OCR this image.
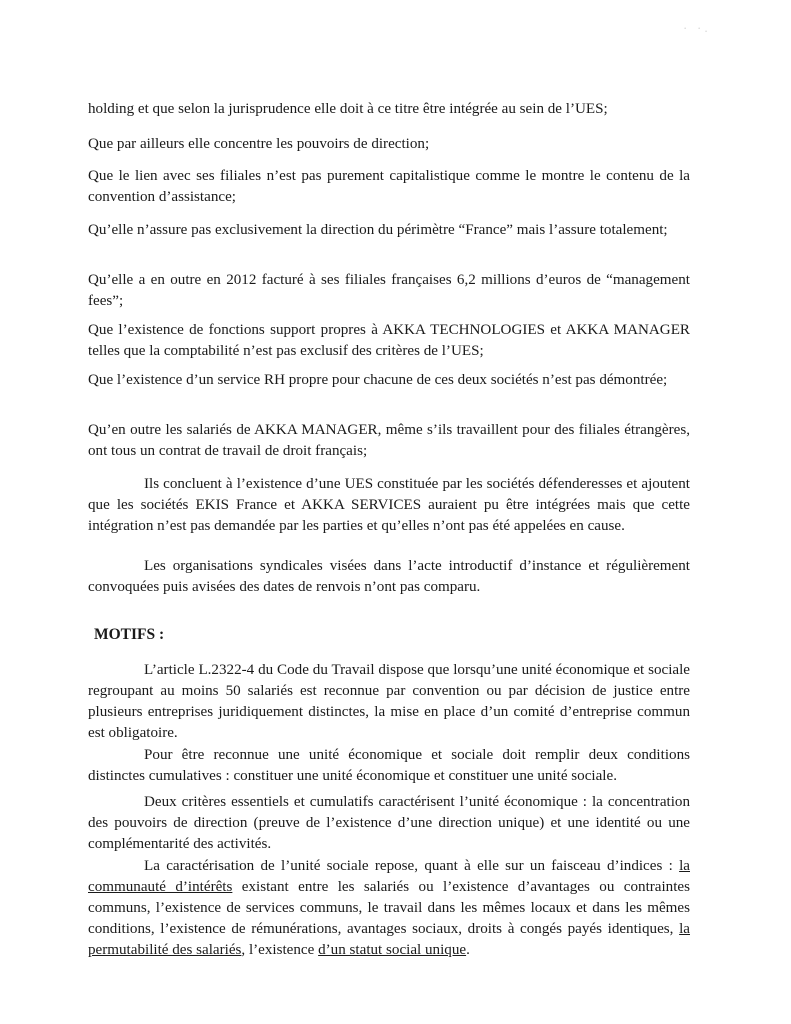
· ·.

holding et que selon la jurisprudence elle doit à ce titre être intégrée au sein de l’UES;

Que par ailleurs elle concentre les pouvoirs de direction;

Que le lien avec ses filiales n’est pas purement capitalistique comme le montre le contenu de la convention d’assistance;

Qu’elle n’assure pas exclusivement la direction du périmètre “France” mais l’assure totalement;

Qu’elle a en outre en 2012 facturé à ses filiales françaises 6,2 millions d’euros de “management fees”;

Que l’existence de fonctions support propres à AKKA TECHNOLOGIES et AKKA MANAGER telles que la comptabilité n’est pas exclusif des critères de l’UES;

Que l’existence d’un service RH propre pour chacune de ces deux sociétés n’est pas démontrée;

Qu’en outre les salariés de AKKA MANAGER, même s’ils travaillent pour des filiales étrangères, ont tous un contrat de travail de droit français;

Ils concluent à l’existence d’une UES constituée par les sociétés défenderesses et ajoutent que les sociétés EKIS France et AKKA SERVICES auraient pu être intégrées mais que cette intégration n’est pas demandée par les parties et qu’elles n’ont pas été appelées en cause.

Les organisations syndicales visées dans l’acte introductif d’instance et régulièrement convoquées puis avisées des dates de renvois n’ont pas comparu.

MOTIFS :

L’article L.2322-4 du Code du Travail dispose que lorsqu’une unité économique et sociale regroupant au moins 50 salariés est reconnue par convention ou par décision de justice entre plusieurs entreprises juridiquement distinctes, la mise en place d’un comité d’entreprise commun est obligatoire.

Pour être reconnue une unité économique et sociale doit remplir deux conditions distinctes cumulatives : constituer une unité économique et constituer une unité sociale.

Deux critères essentiels et cumulatifs caractérisent l’unité économique : la concentration des pouvoirs de direction (preuve de l’existence d’une direction unique) et une identité ou une complémentarité des activités.

La caractérisation de l’unité sociale repose, quant à elle sur un faisceau d’indices : la communauté d’intérêts existant entre les salariés ou l’existence d’avantages ou contraintes communs, l’existence de services communs, le travail dans les mêmes locaux et dans les mêmes conditions, l’existence de rémunérations, avantages sociaux, droits à congés payés identiques, la permutabilité des salariés, l’existence d’un statut social unique.
